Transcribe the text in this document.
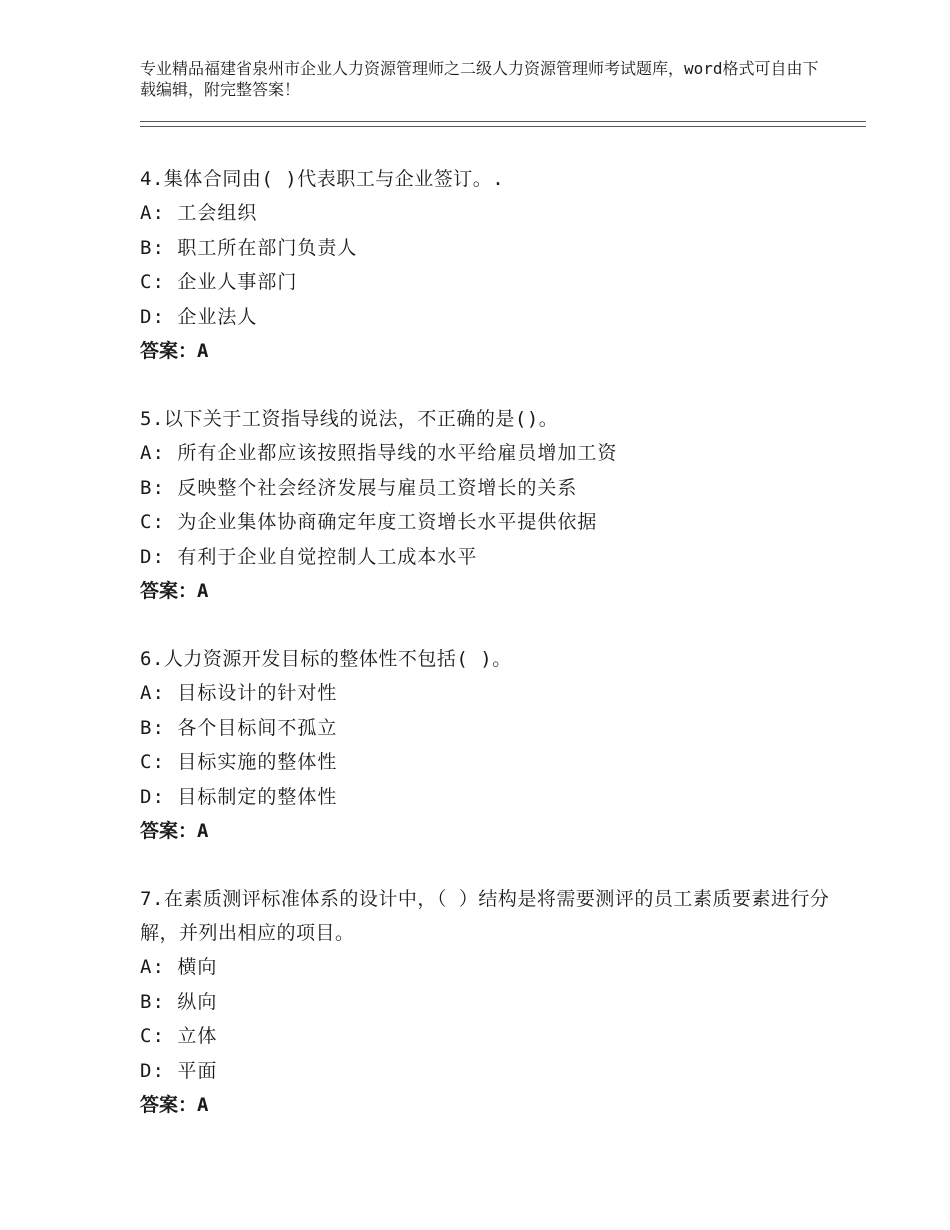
专业精品福建省泉州市企业人力资源管理师之二级人力资源管理师考试题库，word格式可自由下载编辑，附完整答案！
4.集体合同由( )代表职工与企业签订。.
A: 工会组织
B: 职工所在部门负责人
C: 企业人事部门
D: 企业法人
答案：A
5.以下关于工资指导线的说法，不正确的是()。
A: 所有企业都应该按照指导线的水平给雇员增加工资
B: 反映整个社会经济发展与雇员工资增长的关系
C: 为企业集体协商确定年度工资增长水平提供依据
D: 有利于企业自觉控制人工成本水平
答案：A
6.人力资源开发目标的整体性不包括( )。
A: 目标设计的针对性
B: 各个目标间不孤立
C: 目标实施的整体性
D: 目标制定的整体性
答案：A
7.在素质测评标准体系的设计中，（ ）结构是将需要测评的员工素质要素进行分解，并列出相应的项目。
A: 横向
B: 纵向
C: 立体
D: 平面
答案：A
